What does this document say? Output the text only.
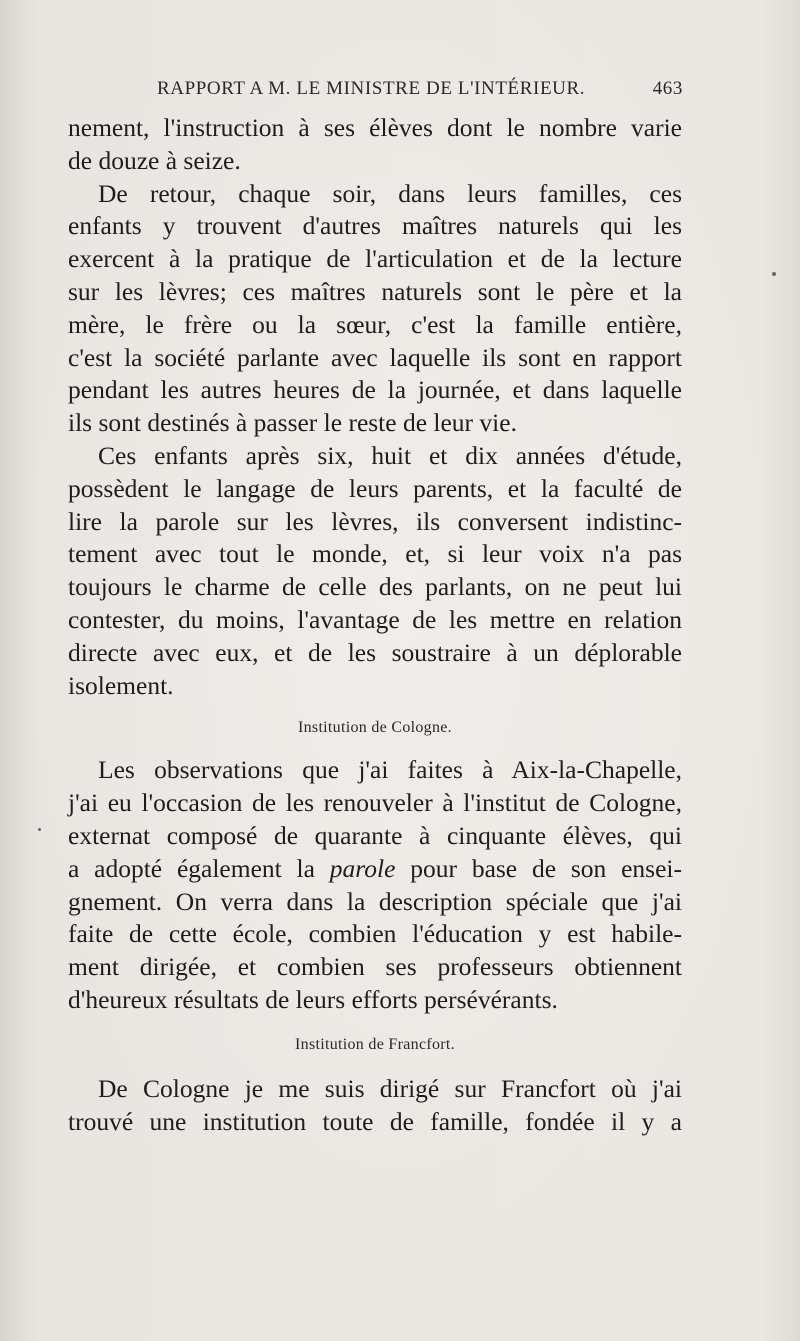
RAPPORT A M. LE MINISTRE DE L'INTÉRIEUR.	463
nement, l'instruction à ses élèves dont le nombre varie
de douze à seize.
De retour, chaque soir, dans leurs familles, ces
enfants y trouvent d'autres maîtres naturels qui les
exercent à la pratique de l'articulation et de la lecture
sur les lèvres; ces maîtres naturels sont le père et la
mère, le frère ou la sœur, c'est la famille entière,
c'est la société parlante avec laquelle ils sont en rapport
pendant les autres heures de la journée, et dans laquelle
ils sont destinés à passer le reste de leur vie.
Ces enfants après six, huit et dix années d'étude,
possèdent le langage de leurs parents, et la faculté de
lire la parole sur les lèvres, ils conversent indistinc-
tement avec tout le monde, et, si leur voix n'a pas
toujours le charme de celle des parlants, on ne peut lui
contester, du moins, l'avantage de les mettre en relation
directe avec eux, et de les soustraire à un déplorable
isolement.
Institution de Cologne.
Les observations que j'ai faites à Aix-la-Chapelle,
j'ai eu l'occasion de les renouveler à l'institut de Cologne,
externat composé de quarante à cinquante élèves, qui
a adopté également la parole pour base de son ensei-
gnement. On verra dans la description spéciale que j'ai
faite de cette école, combien l'éducation y est habile-
ment dirigée, et combien ses professeurs obtiennent
d'heureux résultats de leurs efforts persévérants.
Institution de Francfort.
De Cologne je me suis dirigé sur Francfort où j'ai
trouvé une institution toute de famille, fondée il y a
